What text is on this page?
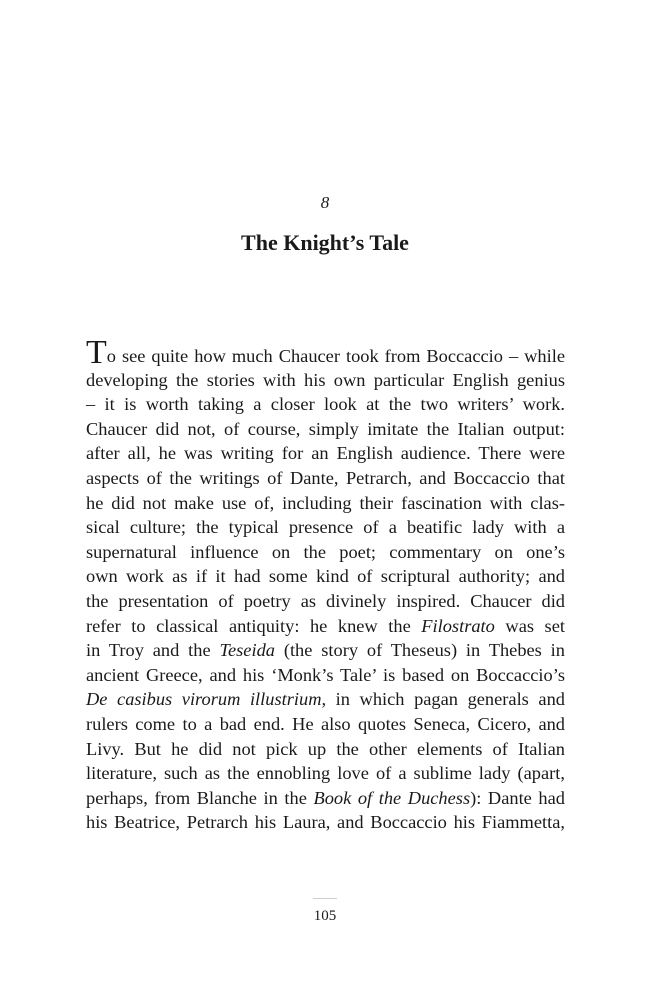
8
The Knight’s Tale
To see quite how much Chaucer took from Boccaccio – while
developing the stories with his own particular English genius
– it is worth taking a closer look at the two writers’ work.
Chaucer did not, of course, simply imitate the Italian output:
after all, he was writing for an English audience. There were
aspects of the writings of Dante, Petrarch, and Boccaccio that
he did not make use of, including their fascination with clas-
sical culture; the typical presence of a beatific lady with a
supernatural influence on the poet; commentary on one’s
own work as if it had some kind of scriptural authority; and
the presentation of poetry as divinely inspired. Chaucer did
refer to classical antiquity: he knew the Filostrato was set
in Troy and the Teseida (the story of Theseus) in Thebes in
ancient Greece, and his ‘Monk’s Tale’ is based on Boccaccio’s
De casibus virorum illustrium, in which pagan generals and
rulers come to a bad end. He also quotes Seneca, Cicero, and
Livy. But he did not pick up the other elements of Italian
literature, such as the ennobling love of a sublime lady (apart,
perhaps, from Blanche in the Book of the Duchess): Dante had
his Beatrice, Petrarch his Laura, and Boccaccio his Fiammetta,
105
